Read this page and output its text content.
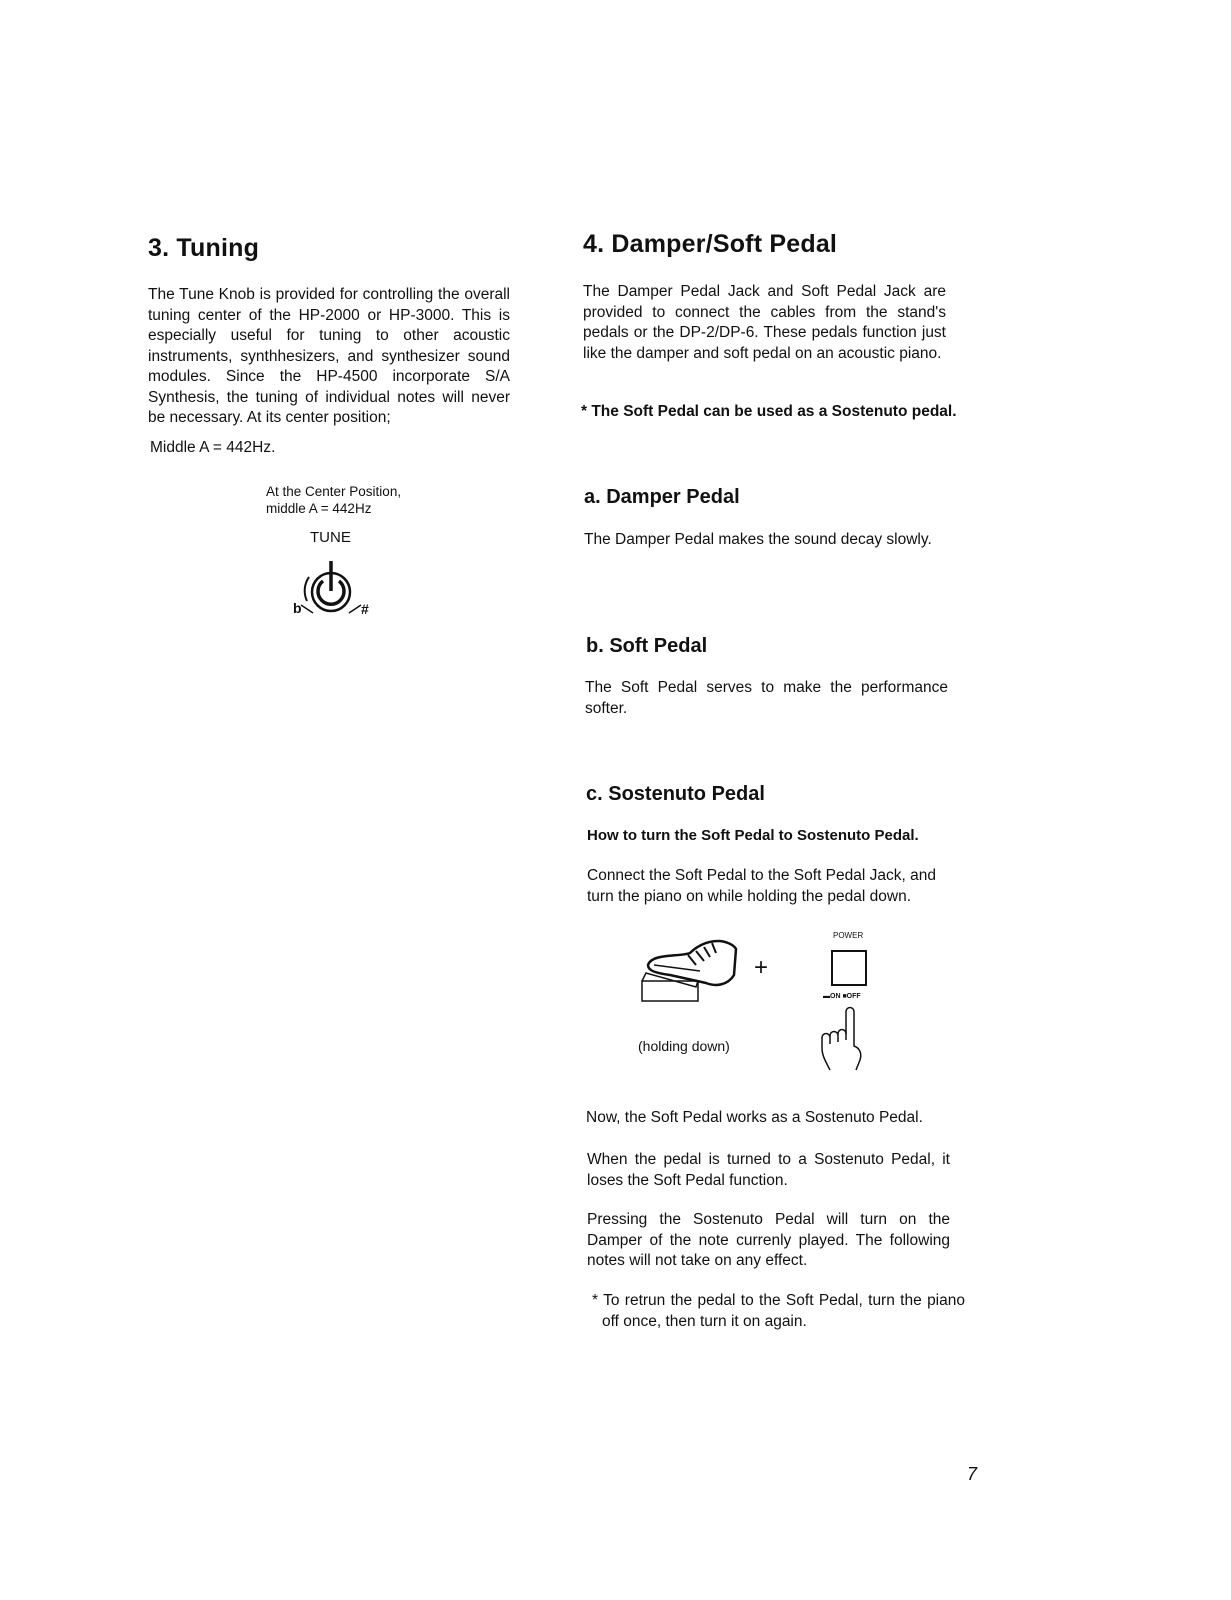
3. Tuning

The Tune Knob is provided for controlling the overall tuning center of the HP-2000 or HP-3000. This is especially useful for tuning to other acoustic instruments, synthhesizers, and synthesizer sound modules. Since the HP-4500 incorporate S/A Synthesis, the tuning of individual notes will never be necessary. At its center position;

Middle A = 442Hz.

At the Center Position,
middle A = 442Hz
TUNE
b	#
4. Damper/Soft Pedal

The Damper Pedal Jack and Soft Pedal Jack are provided to connect the cables from the stand's pedals or the DP-2/DP-6. These pedals function just like the damper and soft pedal on an acoustic piano.

* The Soft Pedal can be used as a Sostenuto pedal.

a. Damper Pedal

The Damper Pedal makes the sound decay slowly.

b. Soft Pedal

The Soft Pedal serves to make the performance softer.

c. Sostenuto Pedal

How to turn the Soft Pedal to Sostenuto Pedal.

Connect the Soft Pedal to the Soft Pedal Jack, and turn the piano on while holding the pedal down.

+
POWER
▬ON ■OFF

(holding down)

Now, the Soft Pedal works as a Sostenuto Pedal.

When the pedal is turned to a Sostenuto Pedal, it loses the Soft Pedal function.

Pressing the Sostenuto Pedal will turn on the Damper of the note currenly played. The following notes will not take on any effect.

* To retrun the pedal to the Soft Pedal, turn the piano off once, then turn it on again.

7
